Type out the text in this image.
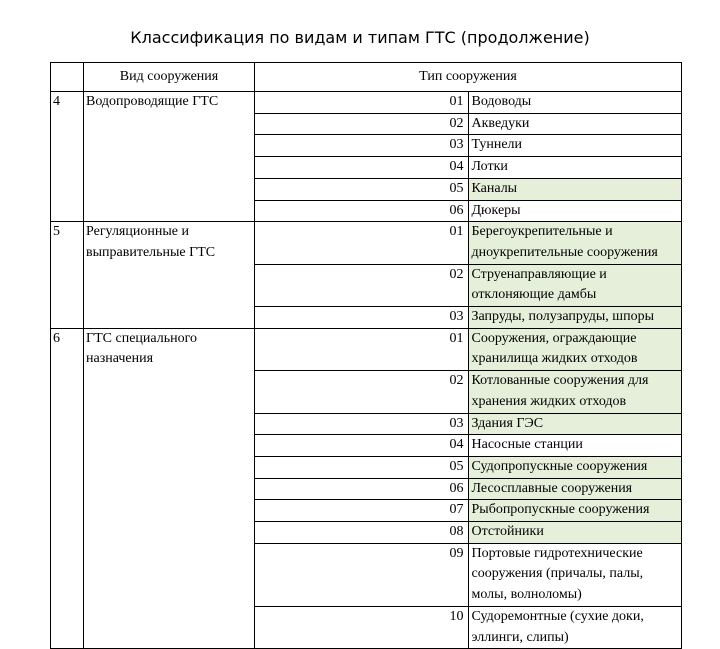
Классификация по видам и типам ГТС (продолжение)
	Вид сооружения	Тип сооружения	
4	Водопроводящие ГТС	01	Водоводы
		02	Акведуки
		03	Туннели
		04	Лотки
		05	Каналы
		06	Дюкеры
5	Регуляционные и выправительные ГТС	01	Берегоукрепительные и дноукрепительные сооружения
		02	Струенаправляющие и отклоняющие дамбы
		03	Запруды, полузапруды, шпоры
6	ГТС специального назначения	01	Сооружения, ограждающие хранилища жидких отходов
		02	Котлованные сооружения для хранения жидких отходов
		03	Здания ГЭС
		04	Насосные станции
		05	Судопропускные сооружения
		06	Лесосплавные сооружения
		07	Рыбопропускные сооружения
		08	Отстойники
		09	Портовые гидротехнические сооружения (причалы, палы, молы, волноломы)
		10	Судоремонтные (сухие доки, эллинги, слипы)
